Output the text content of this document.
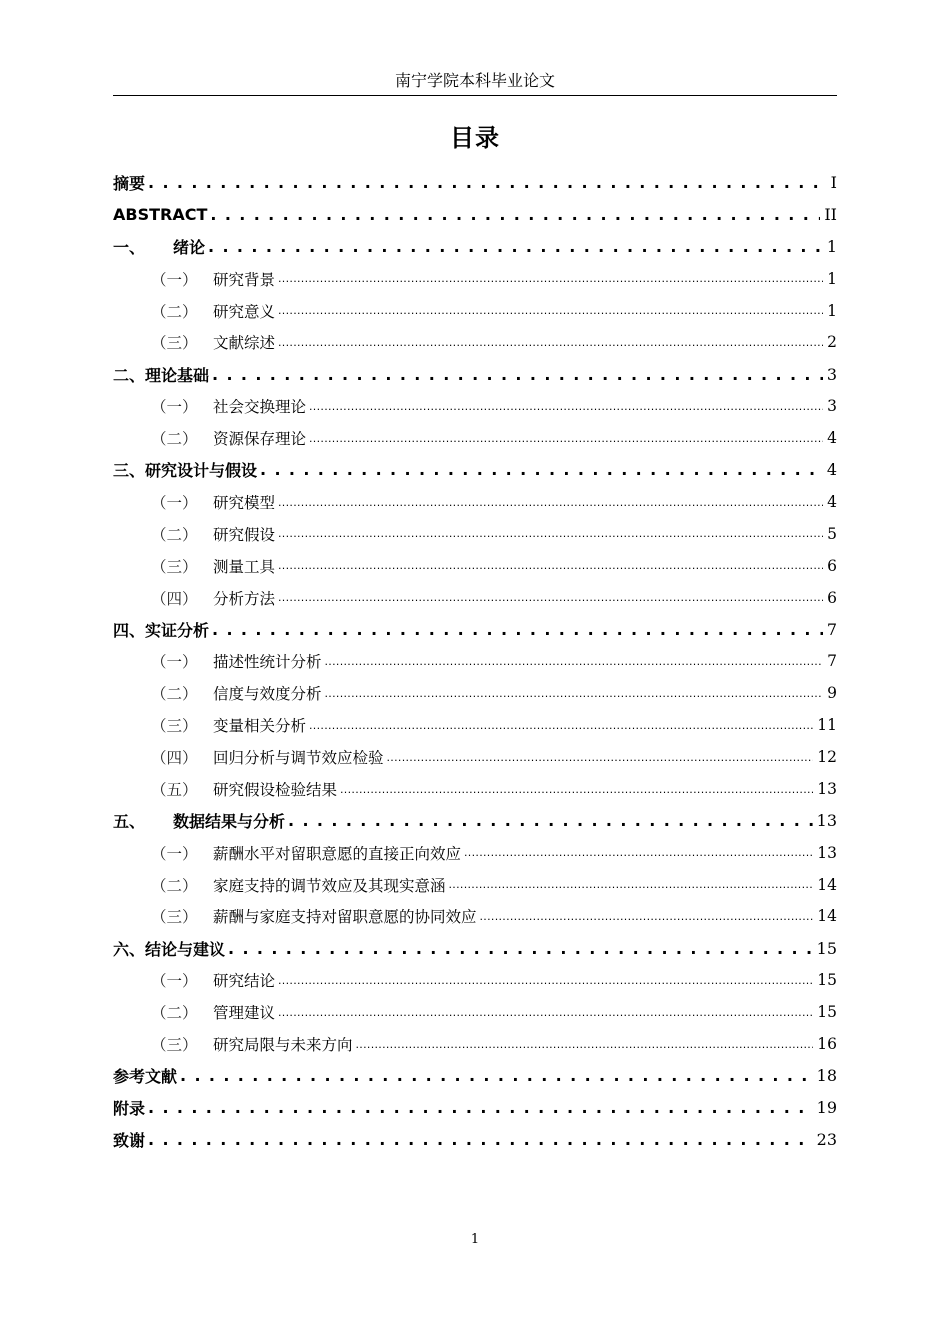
南宁学院本科毕业论文
目录
摘要 . . .	I
ABSTRACT . . .	II
一、 绪论 . . .	1
（一） 研究背景 .....	1
（二） 研究意义 .....	1
（三） 文献综述 .....	2
二、理论基础 . . .	3
（一） 社会交换理论 .....	3
（二） 资源保存理论 .....	4
三、研究设计与假设 . . .	4
（一） 研究模型 .....	4
（二） 研究假设 .....	5
（三） 测量工具 .....	6
（四） 分析方法 .....	6
四、实证分析 . . .	7
（一） 描述性统计分析 .....	7
（二） 信度与效度分析 .....	9
（三） 变量相关分析 .....	11
（四） 回归分析与调节效应检验 .....	12
（五） 研究假设检验结果 .....	13
五、 数据结果与分析 . . .	13
（一） 薪酬水平对留职意愿的直接正向效应 .....	13
（二） 家庭支持的调节效应及其现实意涵 .....	14
（三） 薪酬与家庭支持对留职意愿的协同效应 .....	14
六、结论与建议 . . .	15
（一） 研究结论 .....	15
（二） 管理建议 .....	15
（三） 研究局限与未来方向 .....	16
参考文献 . . .	18
附录 . . .	19
致谢 . . .	23
1
